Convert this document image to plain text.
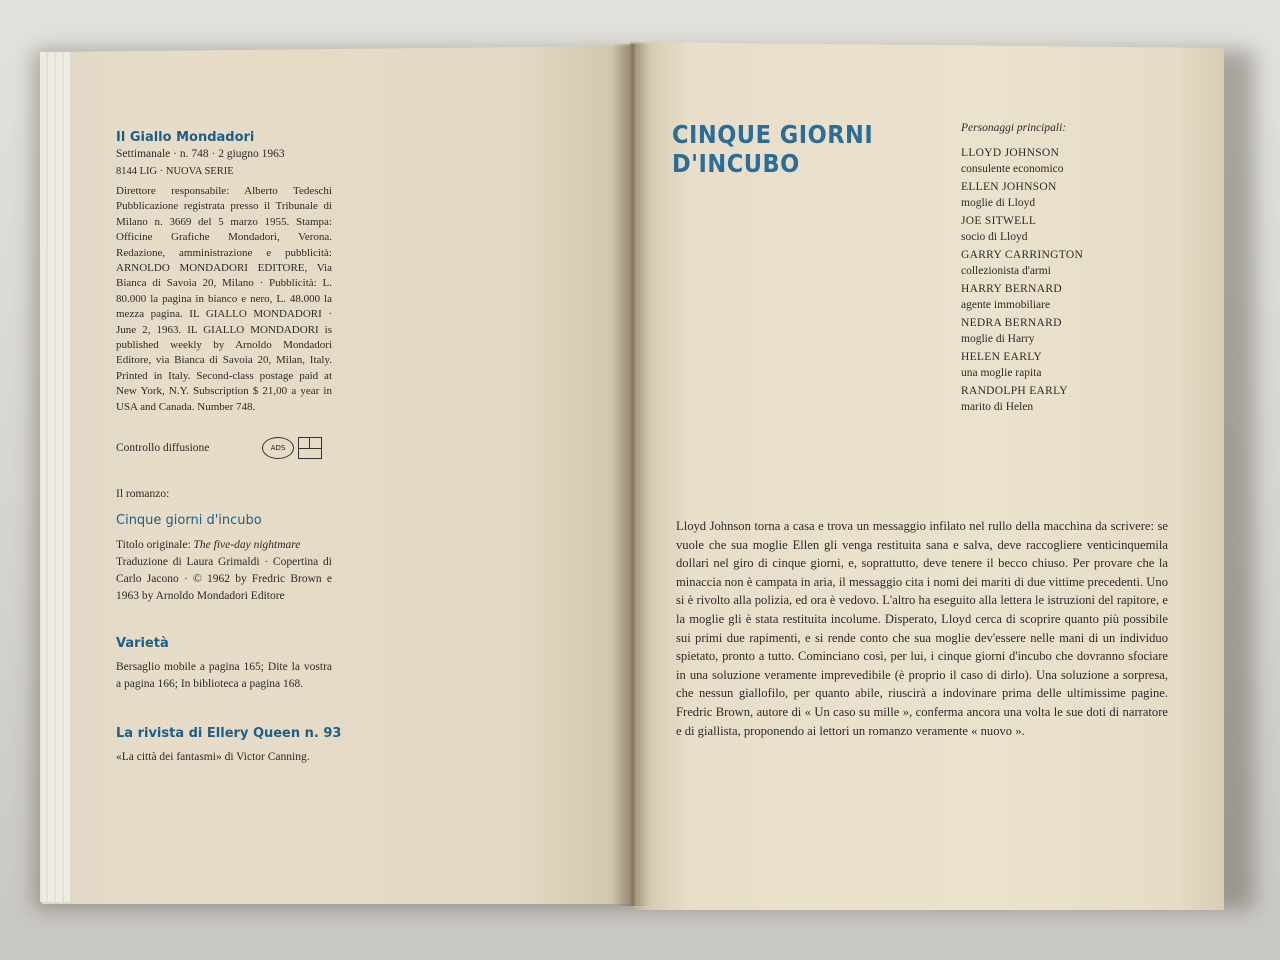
Il Giallo Mondadori

Settimanale · n. 748 · 2 giugno 1963

8144 LIG · NUOVA SERIE

Direttore responsabile: Alberto Tedeschi Pubblicazione registrata presso il Tribunale di Milano n. 3669 del 5 marzo 1955. Stampa: Officine Grafiche Mondadori, Verona. Redazione, amministrazione e pubblicità: ARNOLDO MONDADORI EDITORE, Via Bianca di Savoia 20, Milano · Pubblicità: L. 80.000 la pagina in bianco e nero, L. 48.000 la mezza pagina. IL GIALLO MONDADORI · June 2, 1963. IL GIALLO MONDADORI is published weekly by Arnoldo Mondadori Editore, via Bianca di Savoia 20, Milan, Italy. Printed in Italy. Second-class postage paid at New York, N.Y. Subscription $ 21,00 a year in USA and Canada. Number 748.

Controllo diffusione	ADS

Il romanzo:

Cinque giorni d'incubo

Titolo originale: The five-day nightmare

Traduzione di Laura Grimaldi · Copertina di Carlo Jacono · © 1962 by Fredric Brown e 1963 by Arnoldo Mondadori Editore

Varietà

Bersaglio mobile a pagina 165; Dite la vostra a pagina 166; In biblioteca a pagina 168.

La rivista di Ellery Queen n. 93

«La città dei fantasmi» di Victor Canning.

CINQUE GIORNI
D'INCUBO

Personaggi principali:

LLOYD JOHNSON
consulente economico
ELLEN JOHNSON
moglie di Lloyd
JOE SITWELL
socio di Lloyd
GARRY CARRINGTON
collezionista d'armi
HARRY BERNARD
agente immobiliare
NEDRA BERNARD
moglie di Harry
HELEN EARLY
una moglie rapita
RANDOLPH EARLY
marito di Helen

Lloyd Johnson torna a casa e trova un messaggio infilato nel rullo della macchina da scrivere: se vuole che sua moglie Ellen gli venga restituita sana e salva, deve raccogliere venticinquemila dollari nel giro di cinque giorni, e, soprattutto, deve tenere il becco chiuso. Per provare che la minaccia non è campata in aria, il messaggio cita i nomi dei mariti di due vittime precedenti. Uno si è rivolto alla polizia, ed ora è vedovo. L'altro ha eseguito alla lettera le istruzioni del rapitore, e la moglie gli è stata restituita incolume. Disperato, Lloyd cerca di scoprire quanto più possibile sui primi due rapimenti, e si rende conto che sua moglie dev'essere nelle mani di un individuo spietato, pronto a tutto. Cominciano così, per lui, i cinque giorni d'incubo che dovranno sfociare in una soluzione veramente imprevedibile (è proprio il caso di dirlo). Una soluzione a sorpresa, che nessun giallofilo, per quanto abile, riuscirà a indovinare prima delle ultimissime pagine. Fredric Brown, autore di « Un caso su mille », conferma ancora una volta le sue doti di narratore e di giallista, proponendo ai lettori un romanzo veramente « nuovo ».
